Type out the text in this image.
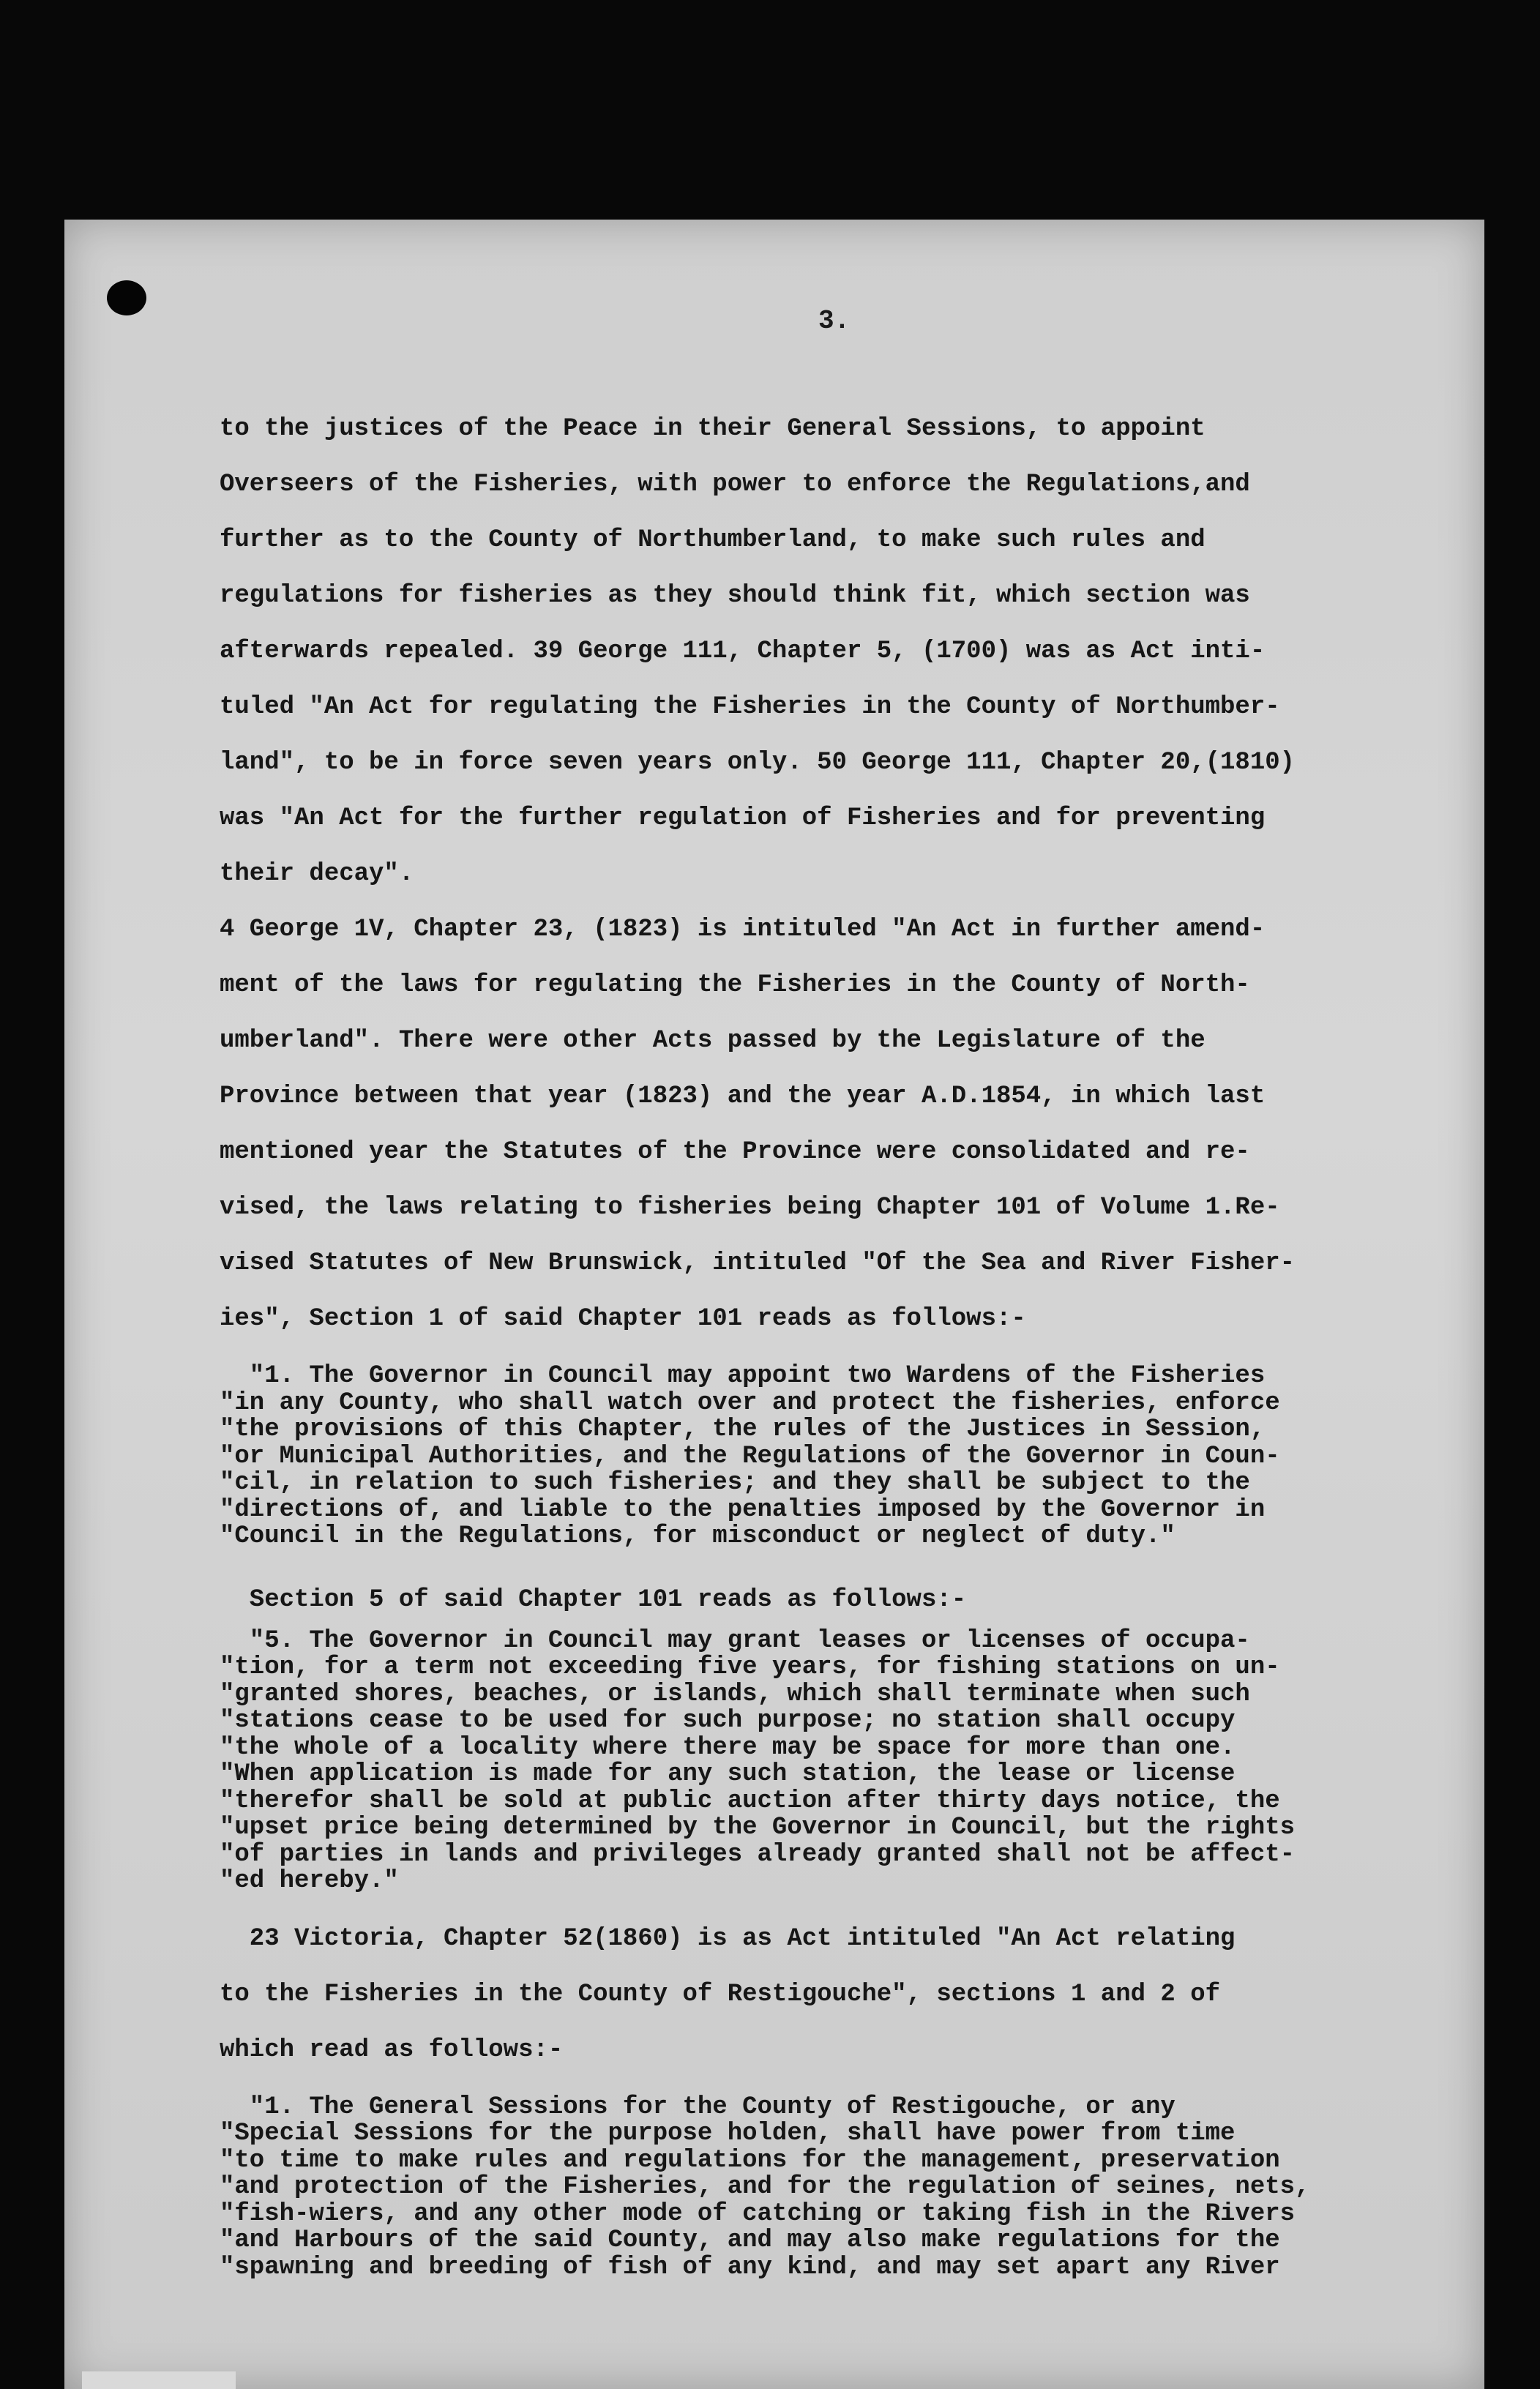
3.

to the justices of the Peace in their General Sessions, to appoint

Overseers of the Fisheries, with power to enforce the Regulations,and

further as to the County of Northumberland, to make such rules and

regulations for fisheries as they should think fit, which section was

afterwards repealed. 39 George 111, Chapter 5, (1700) was as Act inti-

tuled "An Act for regulating the Fisheries in the County of Northumber-

land", to be in force seven years only. 50 George 111, Chapter 20,(1810)

was "An Act for the further regulation of Fisheries and for preventing

their decay".

4 George 1V, Chapter 23, (1823) is intituled "An Act in further amend-

ment of the laws for regulating the Fisheries in the County of North-

umberland". There were other Acts passed by the Legislature of the

Province between that year (1823) and the year A.D.1854, in which last

mentioned year the Statutes of the Province were consolidated and re-

vised, the laws relating to fisheries being Chapter 101 of Volume 1.Re-

vised Statutes of New Brunswick, intituled "Of the Sea and River Fisher-

ies", Section 1 of said Chapter 101 reads as follows:-

"1. The Governor in Council may appoint two Wardens of the Fisheries

"in any County, who shall watch over and protect the fisheries, enforce

"the provisions of this Chapter, the rules of the Justices in Session,

"or Municipal Authorities, and the Regulations of the Governor in Coun-

"cil, in relation to such fisheries; and they shall be subject to the

"directions of, and liable to the penalties imposed by the Governor in

"Council in the Regulations, for misconduct or neglect of duty."

Section 5 of said Chapter 101 reads as follows:-

"5. The Governor in Council may grant leases or licenses of occupa-

"tion, for a term not exceeding five years, for fishing stations on un-

"granted shores, beaches, or islands, which shall terminate when such

"stations cease to be used for such purpose; no station shall occupy

"the whole of a locality where there may be space for more than one.

"When application is made for any such station, the lease or license

"therefor shall be sold at public auction after thirty days notice, the

"upset price being determined by the Governor in Council, but the rights

"of parties in lands and privileges already granted shall not be affect-

"ed hereby."

23 Victoria, Chapter 52(1860) is as Act intituled "An Act relating

to the Fisheries in the County of Restigouche", sections 1 and 2 of

which read as follows:-

"1. The General Sessions for the County of Restigouche, or any

"Special Sessions for the purpose holden, shall have power from time

"to time to make rules and regulations for the management, preservation

"and protection of the Fisheries, and for the regulation of seines, nets,

"fish-wiers, and any other mode of catching or taking fish in the Rivers

"and Harbours of the said County, and may also make regulations for the

"spawning and breeding of fish of any kind, and may set apart any River
